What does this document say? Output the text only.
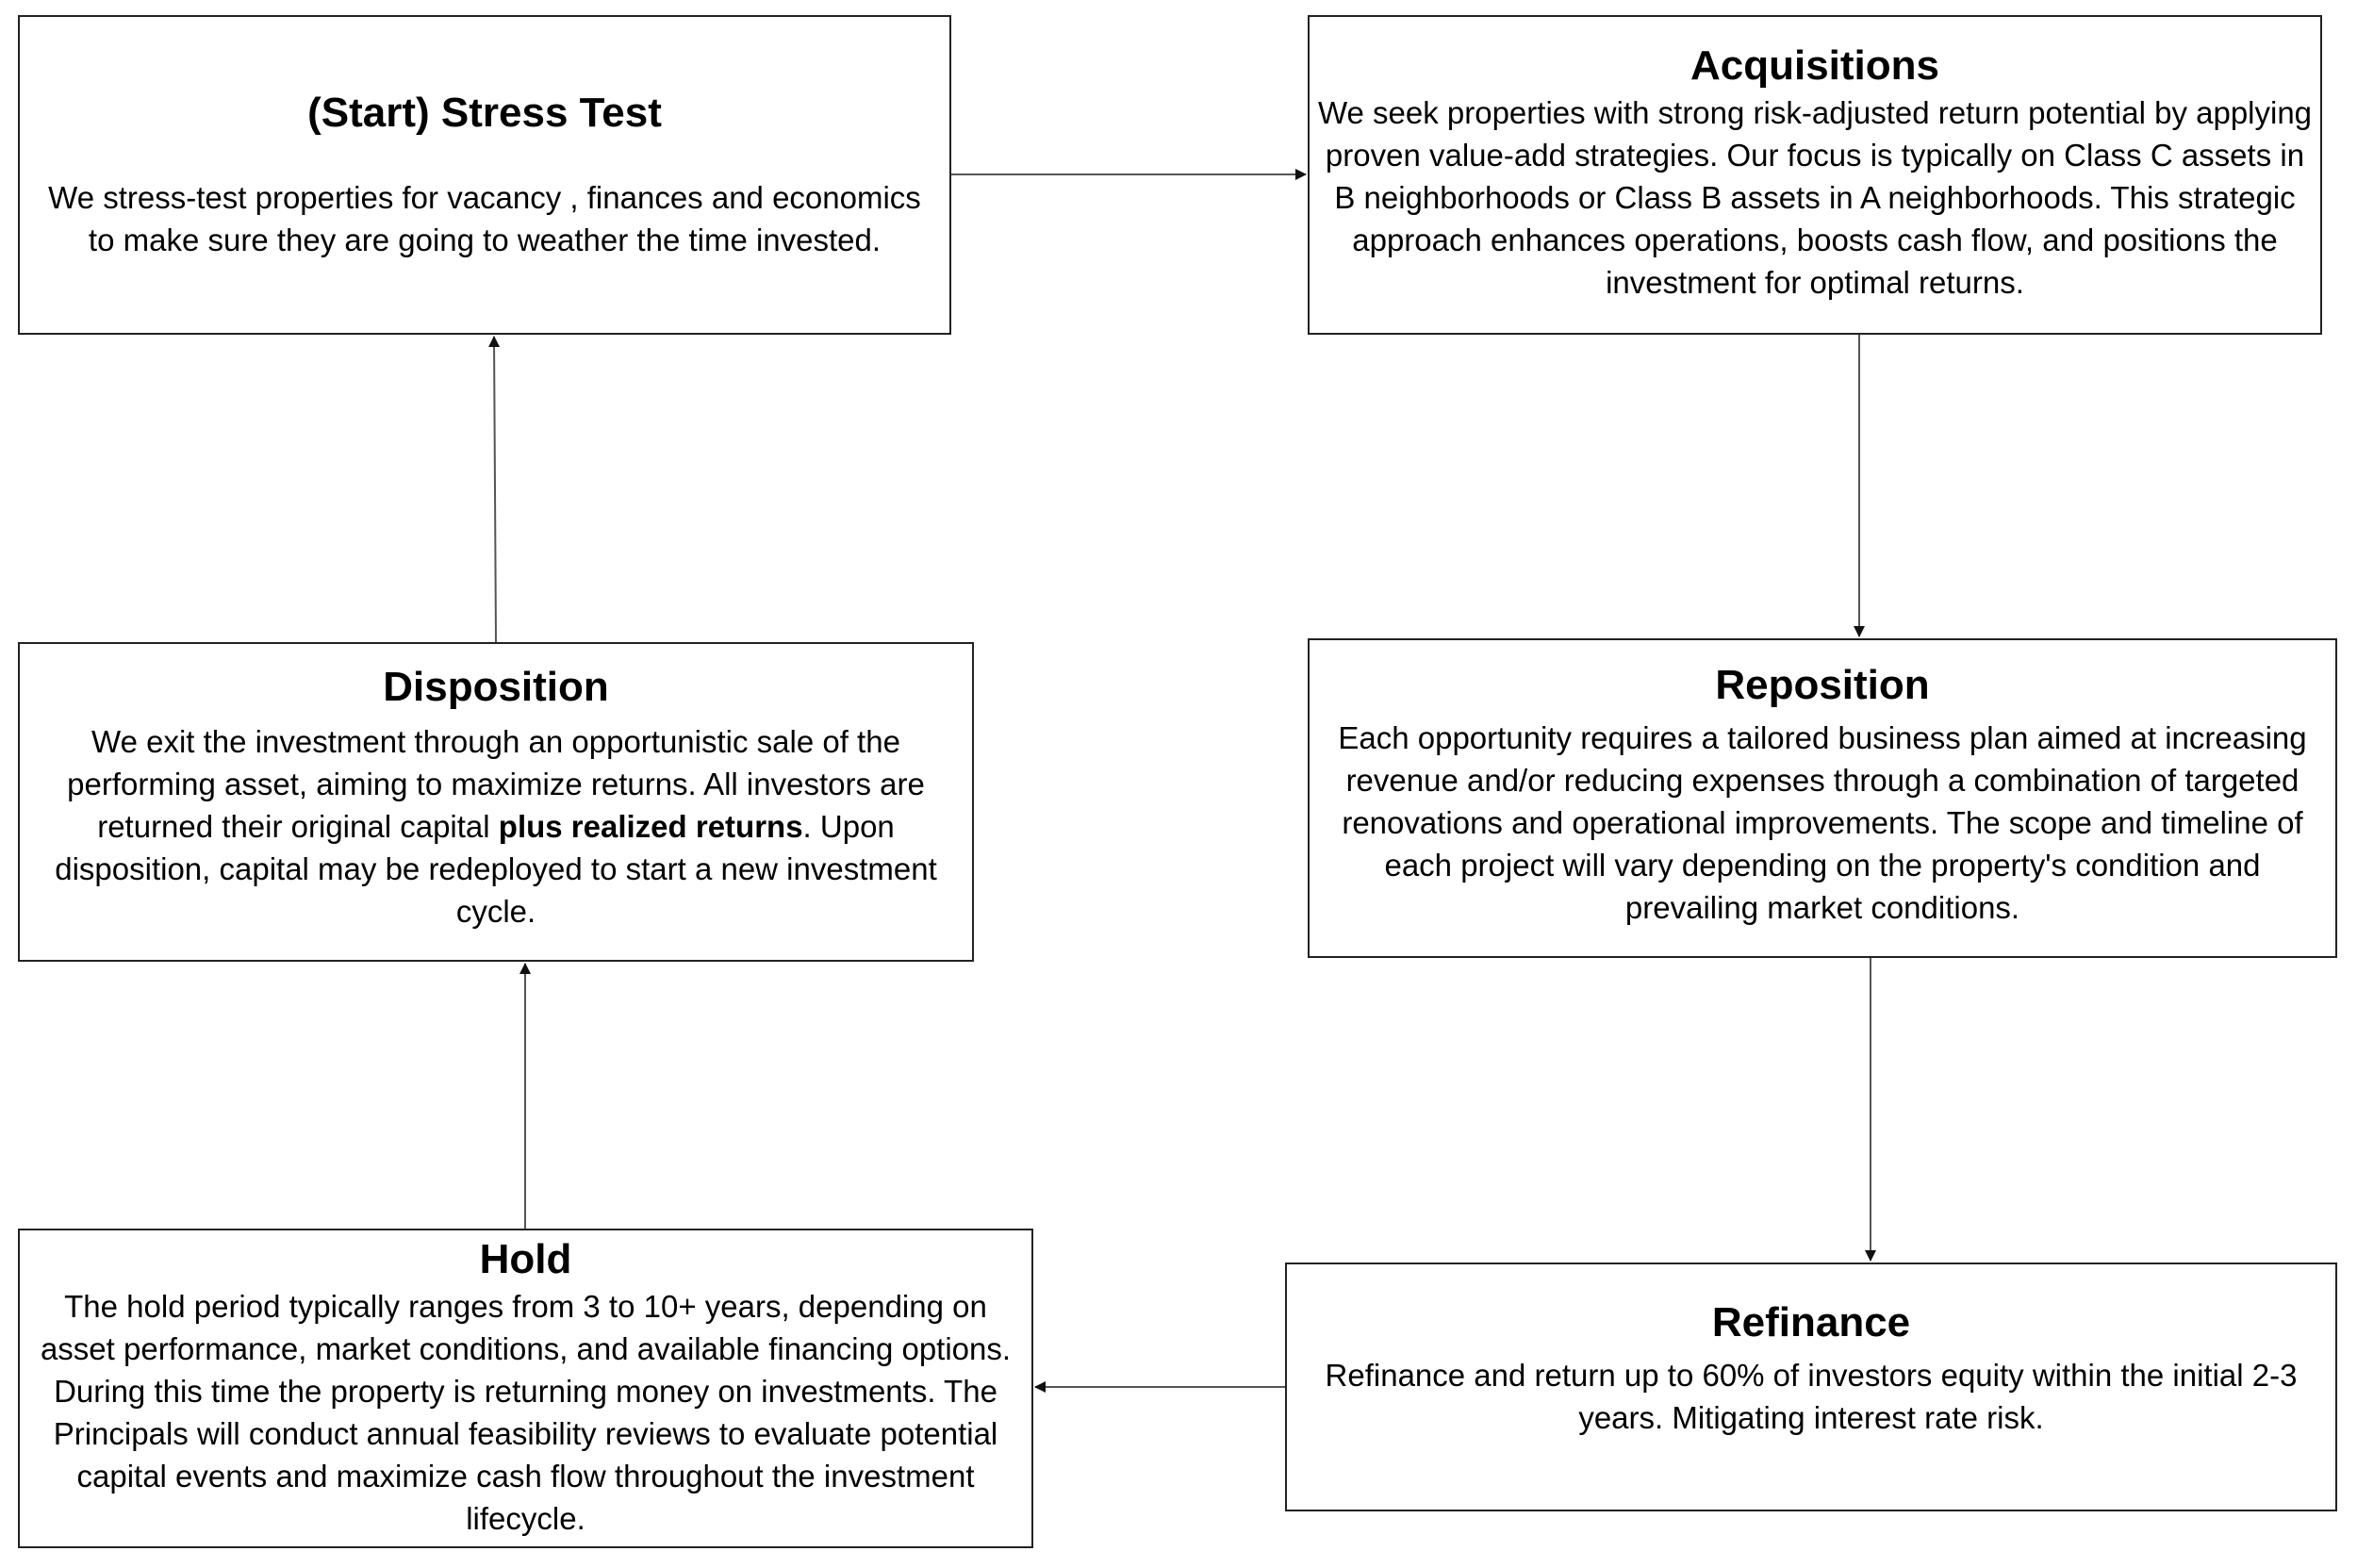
(Start) Stress Test
We stress-test properties for vacancy , finances and economics to make sure they are going to weather the time invested.
Acquisitions
We seek properties with strong risk-adjusted return potential by applying proven value-add strategies. Our focus is typically on Class C assets in B neighborhoods or Class B assets in A neighborhoods. This strategic approach enhances operations, boosts cash flow, and positions the investment for optimal returns.
Disposition
We exit the investment through an opportunistic sale of the performing asset, aiming to maximize returns. All investors are returned their original capital plus realized returns. Upon disposition, capital may be redeployed to start a new investment cycle.
Reposition
Each opportunity requires a tailored business plan aimed at increasing revenue and/or reducing expenses through a combination of targeted renovations and operational improvements. The scope and timeline of each project will vary depending on the property's condition and prevailing market conditions.
Hold
The hold period typically ranges from 3 to 10+ years, depending on asset performance, market conditions, and available financing options. During this time the property is returning money on investments. The Principals will conduct annual feasibility reviews to evaluate potential capital events and maximize cash flow throughout the investment lifecycle.
Refinance
Refinance and return up to 60% of investors equity within the initial 2-3 years. Mitigating interest rate risk.
